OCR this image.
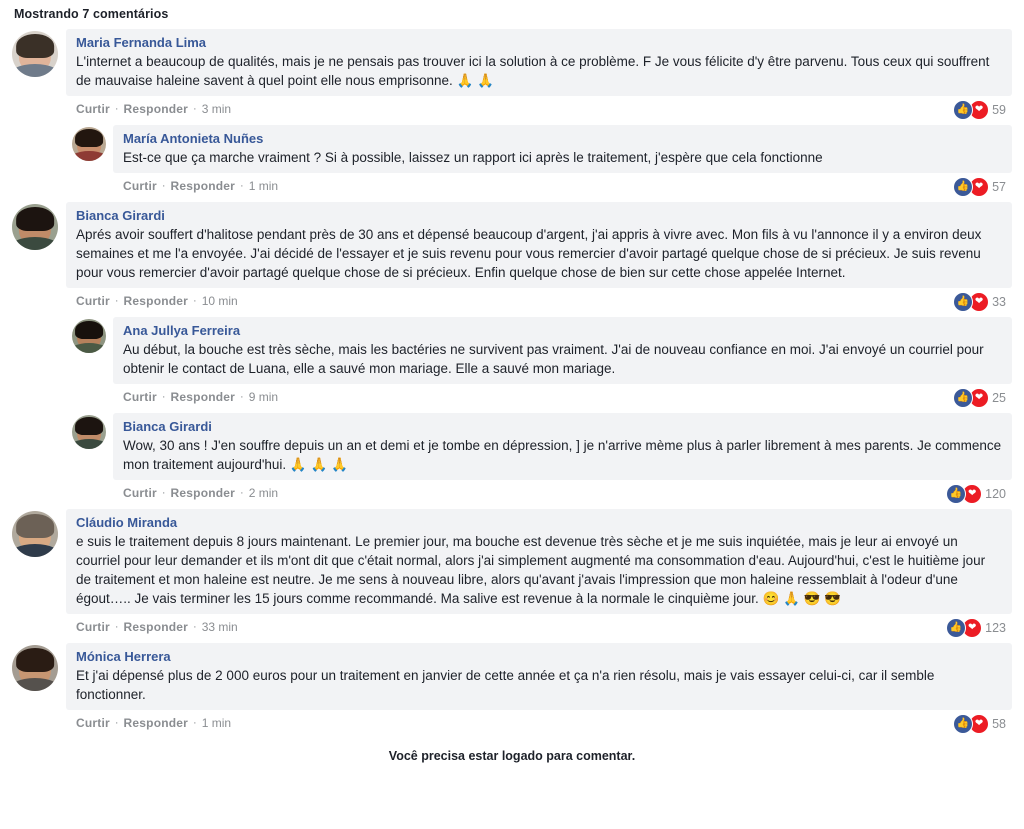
Mostrando 7 comentários
Maria Fernanda Lima
L'internet a beaucoup de qualités, mais je ne pensais pas trouver ici la solution à ce problème. F Je vous félicite d'y être parvenu. Tous ceux qui souffrent de mauvaise haleine savent à quel point elle nous emprisonne. 🙏 🙏
Curtir · Responder · 3 min	👍 ❤ 59
María Antonieta Nuñes
Est-ce que ça marche vraiment ? Si à possible, laissez un rapport ici après le traitement, j'espère que cela fonctionne
Curtir · Responder · 1 min	👍 ❤ 57
Bianca Girardi
Aprés avoir souffert d'halitose pendant près de 30 ans et dépensé beaucoup d'argent, j'ai appris à vivre avec. Mon fils à vu l'annonce il y a environ deux semaines et me l'a envoyée. J'ai décidé de l'essayer et je suis revenu pour vous remercier d'avoir partagé quelque chose de si précieux. Je suis revenu pour vous remercier d'avoir partagé quelque chose de si précieux. Enfin quelque chose de bien sur cette chose appelée Internet.
Curtir · Responder · 10 min	👍 ❤ 33
Ana Jullya Ferreira
Au début, la bouche est très sèche, mais les bactéries ne survivent pas vraiment. J'ai de nouveau confiance en moi. J'ai envoyé un courriel pour obtenir le contact de Luana, elle a sauvé mon mariage. Elle a sauvé mon mariage.
Curtir · Responder · 9 min	👍 ❤ 25
Bianca Girardi
Wow, 30 ans ! J'en souffre depuis un an et demi et je tombe en dépression, ] je n'arrive mème plus à parler librement à mes parents. Je commence mon traitement aujourd'hui. 🙏 🙏 🙏
Curtir · Responder · 2 min	👍 ❤ 120
Cláudio Miranda
e suis le traitement depuis 8 jours maintenant. Le premier jour, ma bouche est devenue très sèche et je me suis inquiétée, mais je leur ai envoyé un courriel pour leur demander et ils m'ont dit que c'était normal, alors j'ai simplement augmenté ma consommation d'eau. Aujourd'hui, c'est le huitième jour de traitement et mon haleine est neutre. Je me sens à nouveau libre, alors qu'avant j'avais l'impression que mon haleine ressemblait à l'odeur d'une égout….. Je vais terminer les 15 jours comme recommandé. Ma salive est revenue à la normale le cinquième jour. 😊 🙏 😎 😎
Curtir · Responder · 33 min	👍 ❤ 123
Mónica Herrera
Et j'ai dépensé plus de 2 000 euros pour un traitement en janvier de cette année et ça n'a rien résolu, mais je vais essayer celui-ci, car il semble fonctionner.
Curtir · Responder · 1 min	👍 ❤ 58
Você precisa estar logado para comentar.
